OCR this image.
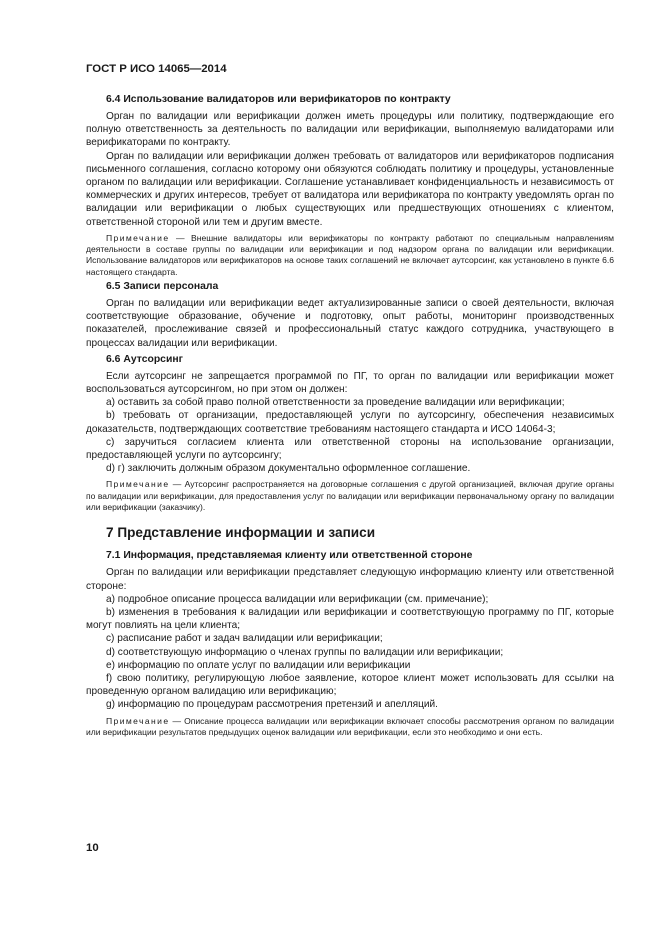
ГОСТ Р ИСО 14065—2014
6.4 Использование валидаторов или верификаторов по контракту

Орган по валидации или верификации должен иметь процедуры или политику, подтверждающие его полную ответственность за деятельность по валидации или верификации, выполняемую валидаторами или верификаторами по контракту.

Орган по валидации или верификации должен требовать от валидаторов или верификаторов подписания письменного соглашения, согласно которому они обязуются соблюдать политику и процедуры, установленные органом по валидации или верификации. Соглашение устанавливает конфиденциальность и независимость от коммерческих и других интересов, требует от валидатора или верификатора по контракту уведомлять орган по валидации или верификации о любых существующих или предшествующих отношениях с клиентом, ответственной стороной или тем и другим вместе.

Примечание — Внешние валидаторы или верификаторы по контракту работают по специальным направлениям деятельности в составе группы по валидации или верификации и под надзором органа по валидации или верификации. Использование валидаторов или верификаторов на основе таких соглашений не включает аутсорсинг, как установлено в пункте 6.6 настоящего стандарта.

6.5 Записи персонала

Орган по валидации или верификации ведет актуализированные записи о своей деятельности, включая соответствующие образование, обучение и подготовку, опыт работы, мониторинг производственных показателей, прослеживание связей и профессиональный статус каждого сотрудника, участвующего в процессах валидации или верификации.

6.6 Аутсорсинг

Если аутсорсинг не запрещается программой по ПГ, то орган по валидации или верификации может воспользоваться аутсорсингом, но при этом он должен:

a) оставить за собой право полной ответственности за проведение валидации или верификации;

b) требовать от организации, предоставляющей услуги по аутсорсингу, обеспечения независимых доказательств, подтверждающих соответствие требованиям настоящего стандарта и ИСО 14064-3;

c) заручиться согласием клиента или ответственной стороны на использование организации, предоставляющей услуги по аутсорсингу;

d) г) заключить должным образом документально оформленное соглашение.

Примечание — Аутсорсинг распространяется на договорные соглашения с другой организацией, включая другие органы по валидации или верификации, для предоставления услуг по валидации или верификации первоначальному органу по валидации или верификации (заказчику).

7 Представление информации и записи
7.1 Информация, представляемая клиенту или ответственной стороне

Орган по валидации или верификации представляет следующую информацию клиенту или ответственной стороне:

a) подробное описание процесса валидации или верификации (см. примечание);

b) изменения в требования к валидации или верификации и соответствующую программу по ПГ, которые могут повлиять на цели клиента;

c) расписание работ и задач валидации или верификации;

d) соответствующую информацию о членах группы по валидации или верификации;

e) информацию по оплате услуг по валидации или верификации

f) свою политику, регулирующую любое заявление, которое клиент может использовать для ссылки на проведенную органом валидацию или верификацию;

g) информацию по процедурам рассмотрения претензий и апелляций.

Примечание — Описание процесса валидации или верификации включает способы рассмотрения органом по валидации или верификации результатов предыдущих оценок валидации или верификации, если это необходимо и они есть.

10
